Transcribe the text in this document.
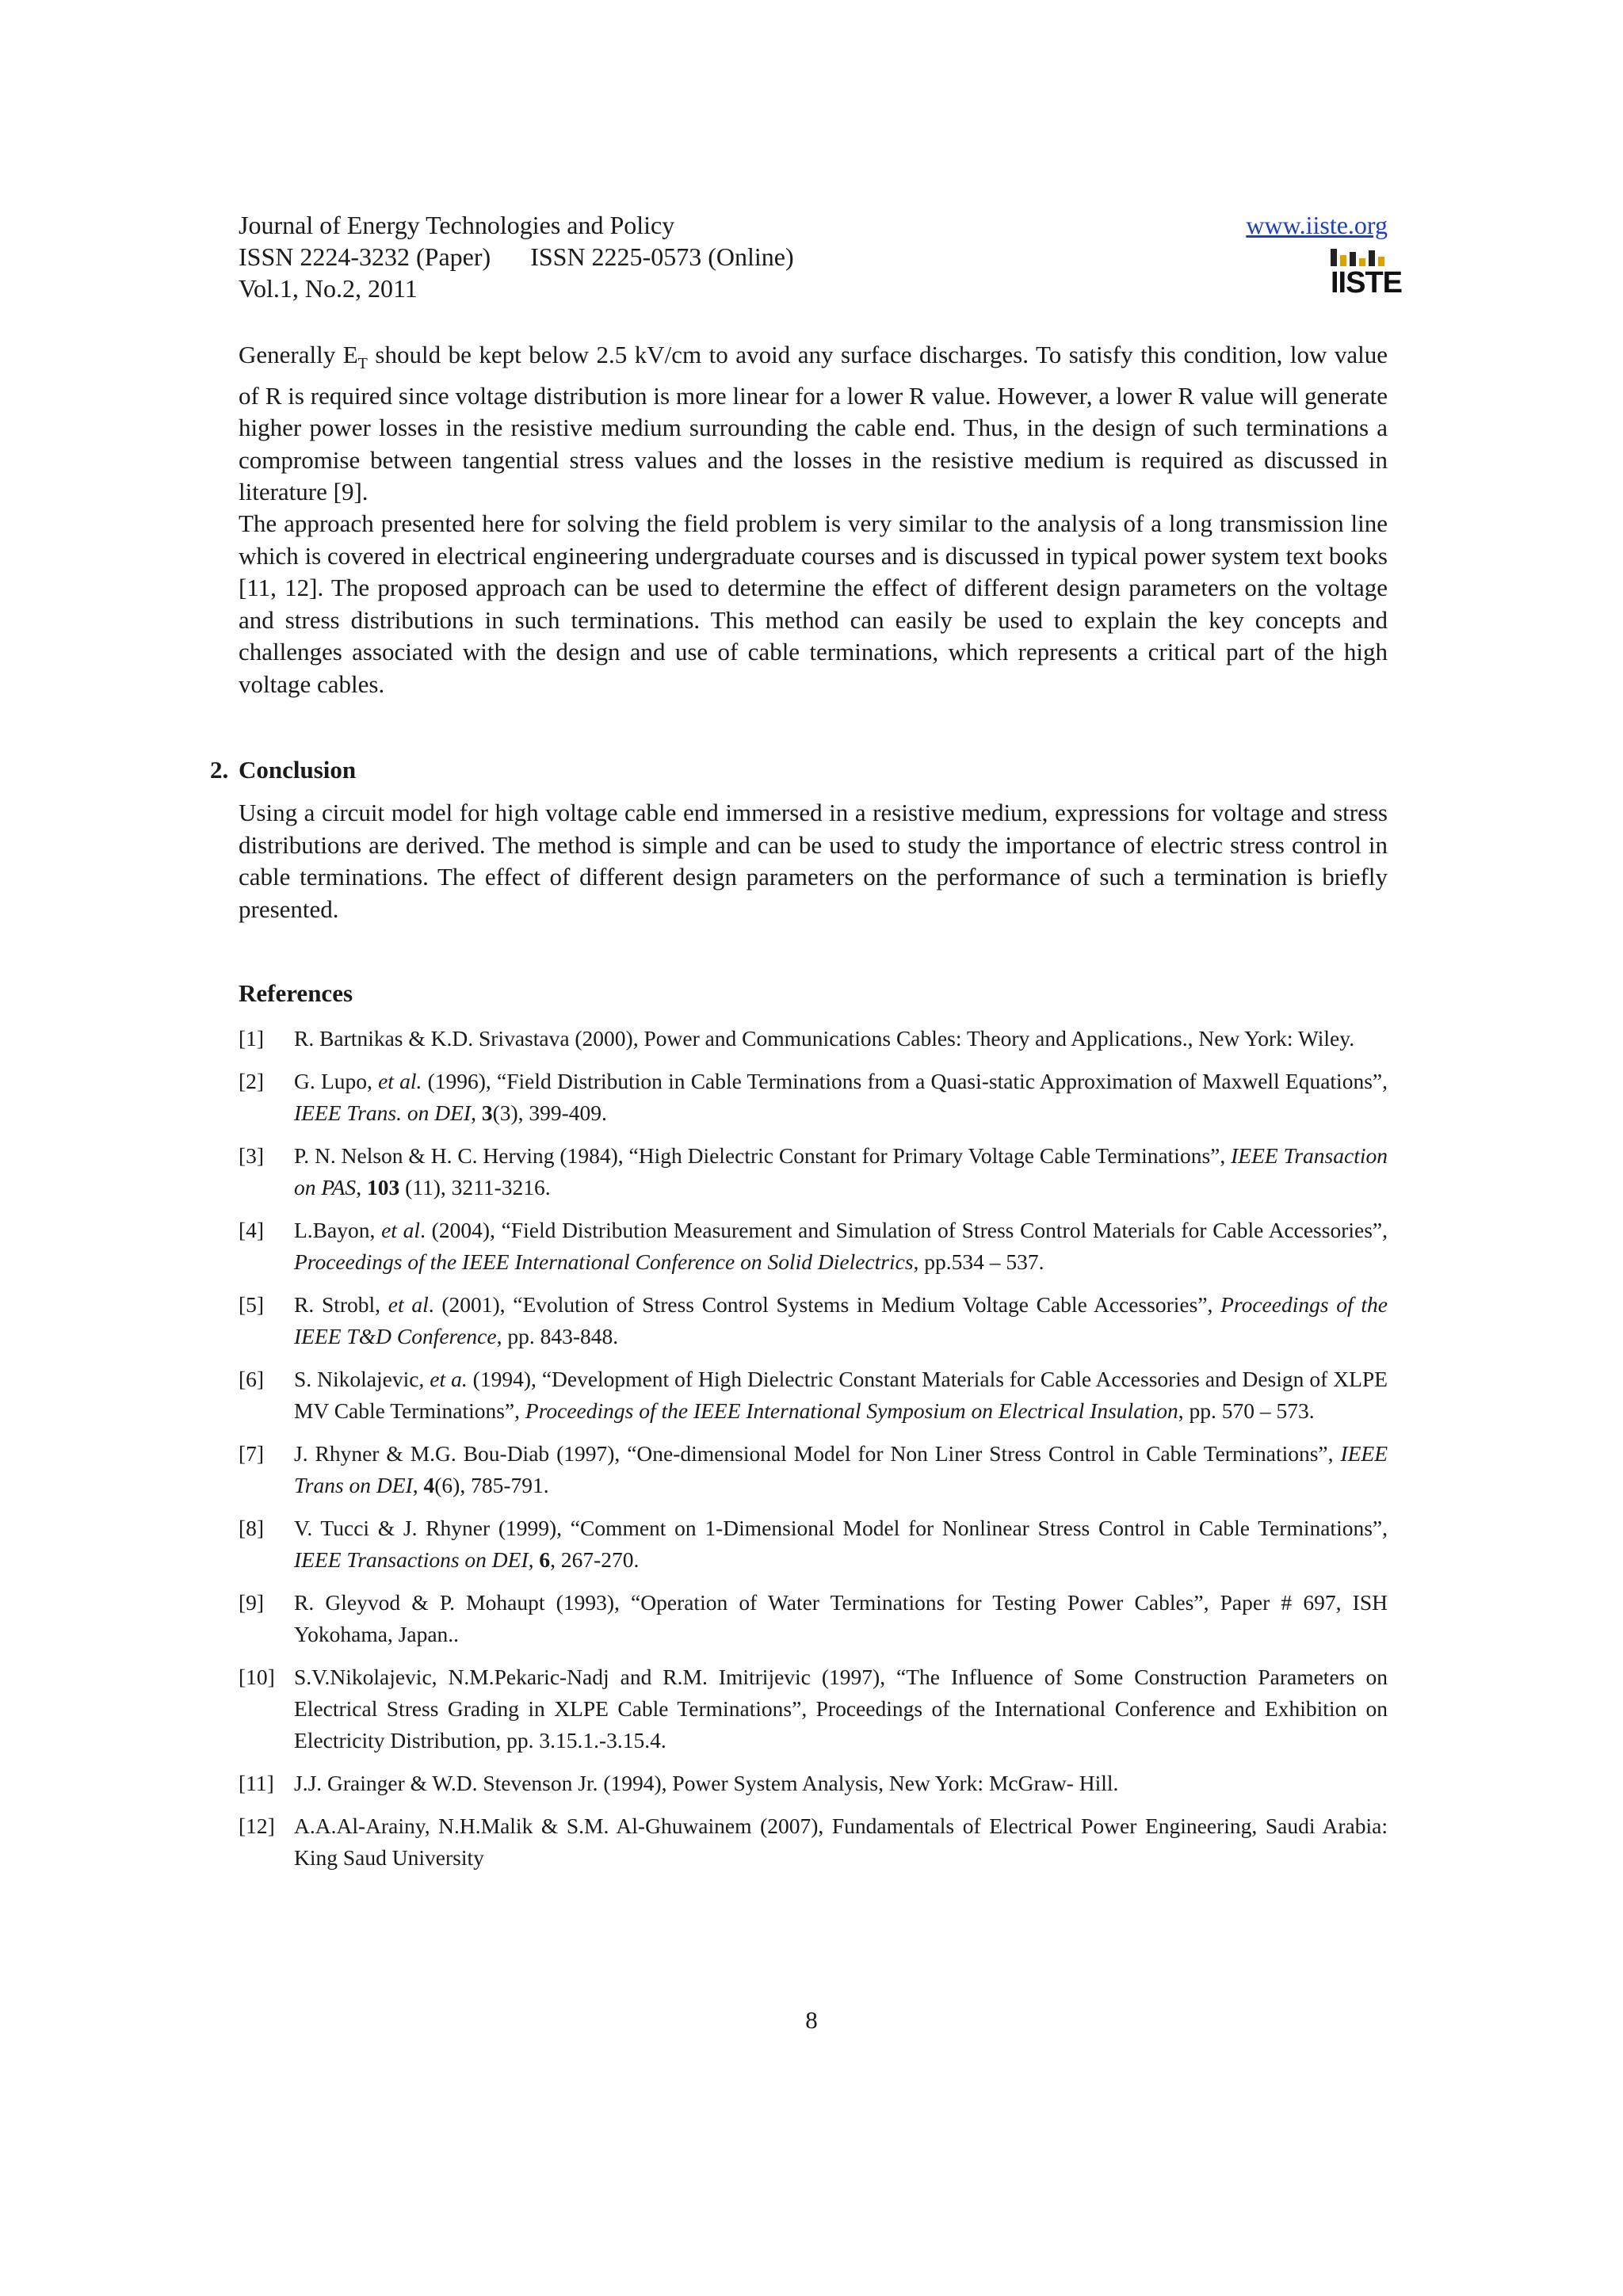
Journal of Energy Technologies and Policy
ISSN 2224-3232 (Paper) ISSN 2225-0573 (Online)
Vol.1, No.2, 2011
www.iiste.org
IISTE
Generally $E_T$ should be kept below 2.5 kV/cm to avoid any surface discharges. To satisfy this condition, low value of R is required since voltage distribution is more linear for a lower R value. However, a lower R value will generate higher power losses in the resistive medium surrounding the cable end. Thus, in the design of such terminations a compromise between tangential stress values and the losses in the resistive medium is required as discussed in literature [9].
The approach presented here for solving the field problem is very similar to the analysis of a long transmission line which is covered in electrical engineering undergraduate courses and is discussed in typical power system text books [11, 12]. The proposed approach can be used to determine the effect of different design parameters on the voltage and stress distributions in such terminations. This method can easily be used to explain the key concepts and challenges associated with the design and use of cable terminations, which represents a critical part of the high voltage cables.
2. Conclusion
Using a circuit model for high voltage cable end immersed in a resistive medium, expressions for voltage and stress distributions are derived. The method is simple and can be used to study the importance of electric stress control in cable terminations. The effect of different design parameters on the performance of such a termination is briefly presented.
References
[1]	R. Bartnikas & K.D. Srivastava (2000), Power and Communications Cables: Theory and Applications., New York: Wiley.
[2]	G. Lupo, et al. (1996), “Field Distribution in Cable Terminations from a Quasi-static Approximation of Maxwell Equations”, IEEE Trans. on DEI, 3(3), 399-409.
[3]	P. N. Nelson & H. C. Herving (1984), “High Dielectric Constant for Primary Voltage Cable Terminations”, IEEE Transaction on PAS, 103 (11), 3211-3216.
[4]	L.Bayon, et al. (2004), “Field Distribution Measurement and Simulation of Stress Control Materials for Cable Accessories”, Proceedings of the IEEE International Conference on Solid Dielectrics, pp.534 – 537.
[5]	R. Strobl, et al. (2001), “Evolution of Stress Control Systems in Medium Voltage Cable Accessories”, Proceedings of the IEEE T&D Conference, pp. 843-848.
[6]	S. Nikolajevic, et a. (1994), “Development of High Dielectric Constant Materials for Cable Accessories and Design of XLPE MV Cable Terminations”, Proceedings of the IEEE International Symposium on Electrical Insulation, pp. 570 – 573.
[7]	J. Rhyner & M.G. Bou-Diab (1997), “One-dimensional Model for Non Liner Stress Control in Cable Terminations”, IEEE Trans on DEI, 4(6), 785-791.
[8]	V. Tucci & J. Rhyner (1999), “Comment on 1-Dimensional Model for Nonlinear Stress Control in Cable Terminations”, IEEE Transactions on DEI, 6, 267-270.
[9]	R. Gleyvod & P. Mohaupt (1993), “Operation of Water Terminations for Testing Power Cables”, Paper # 697, ISH Yokohama, Japan..
[10] S.V.Nikolajevic, N.M.Pekaric-Nadj and R.M. Imitrijevic (1997), “The Influence of Some Construction Parameters on Electrical Stress Grading in XLPE Cable Terminations”, Proceedings of the International Conference and Exhibition on Electricity Distribution, pp. 3.15.1.-3.15.4.
[11] J.J. Grainger & W.D. Stevenson Jr. (1994), Power System Analysis, New York: McGraw- Hill.
[12] A.A.Al-Arainy, N.H.Malik & S.M. Al-Ghuwainem (2007), Fundamentals of Electrical Power Engineering, Saudi Arabia: King Saud University
8
